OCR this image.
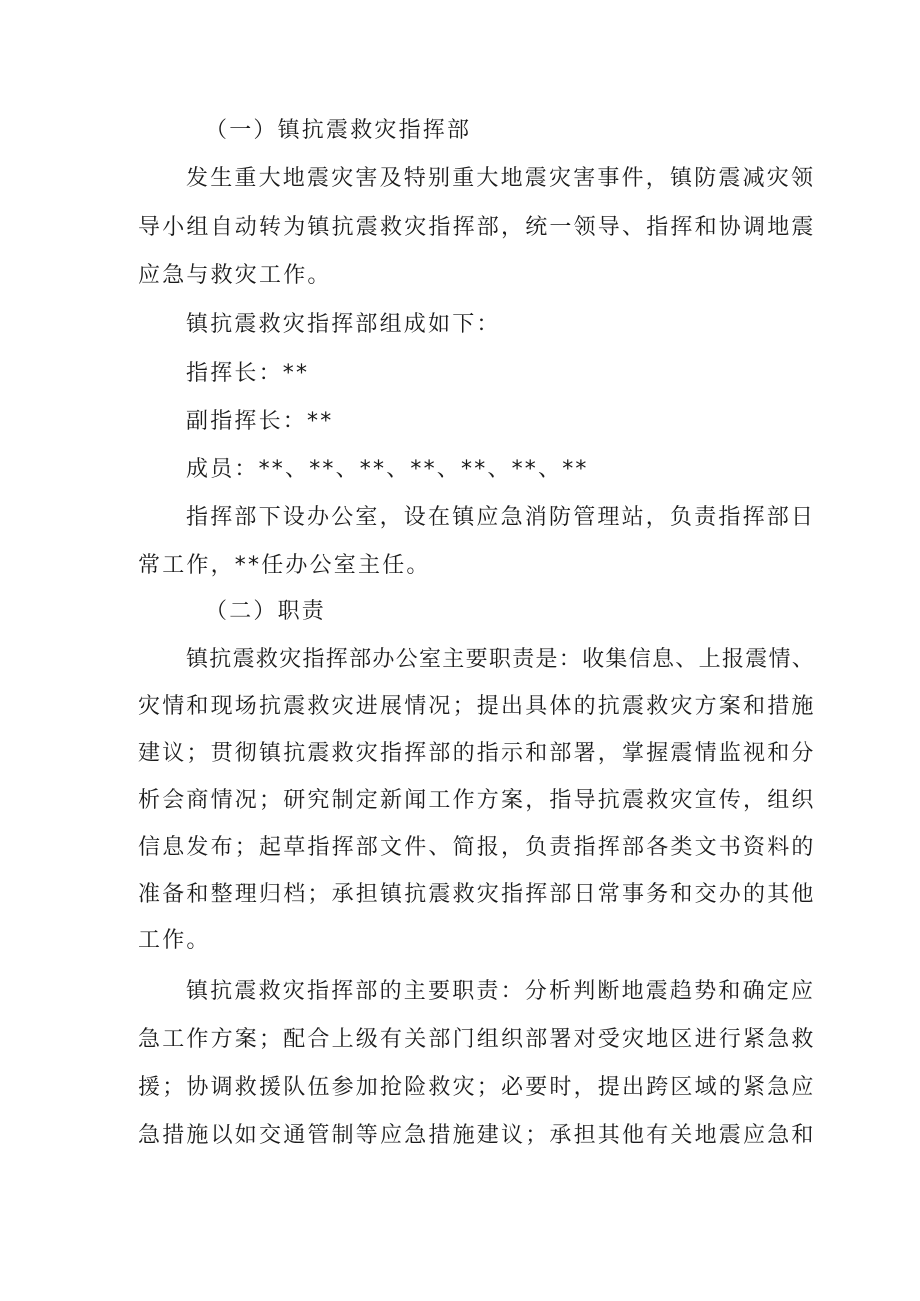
（一）镇抗震救灾指挥部
发生重大地震灾害及特别重大地震灾害事件，镇防震减灾领
导小组自动转为镇抗震救灾指挥部，统一领导、指挥和协调地震
应急与救灾工作。
镇抗震救灾指挥部组成如下：
指挥长：**
副指挥长：**
成员：**、**、**、**、**、**、**
指挥部下设办公室，设在镇应急消防管理站，负责指挥部日
常工作，**任办公室主任。
（二）职责
镇抗震救灾指挥部办公室主要职责是：收集信息、上报震情、
灾情和现场抗震救灾进展情况；提出具体的抗震救灾方案和措施
建议；贯彻镇抗震救灾指挥部的指示和部署，掌握震情监视和分
析会商情况；研究制定新闻工作方案，指导抗震救灾宣传，组织
信息发布；起草指挥部文件、简报，负责指挥部各类文书资料的
准备和整理归档；承担镇抗震救灾指挥部日常事务和交办的其他
工作。
镇抗震救灾指挥部的主要职责：分析判断地震趋势和确定应
急工作方案；配合上级有关部门组织部署对受灾地区进行紧急救
援；协调救援队伍参加抢险救灾；必要时，提出跨区域的紧急应
急措施以如交通管制等应急措施建议；承担其他有关地震应急和
